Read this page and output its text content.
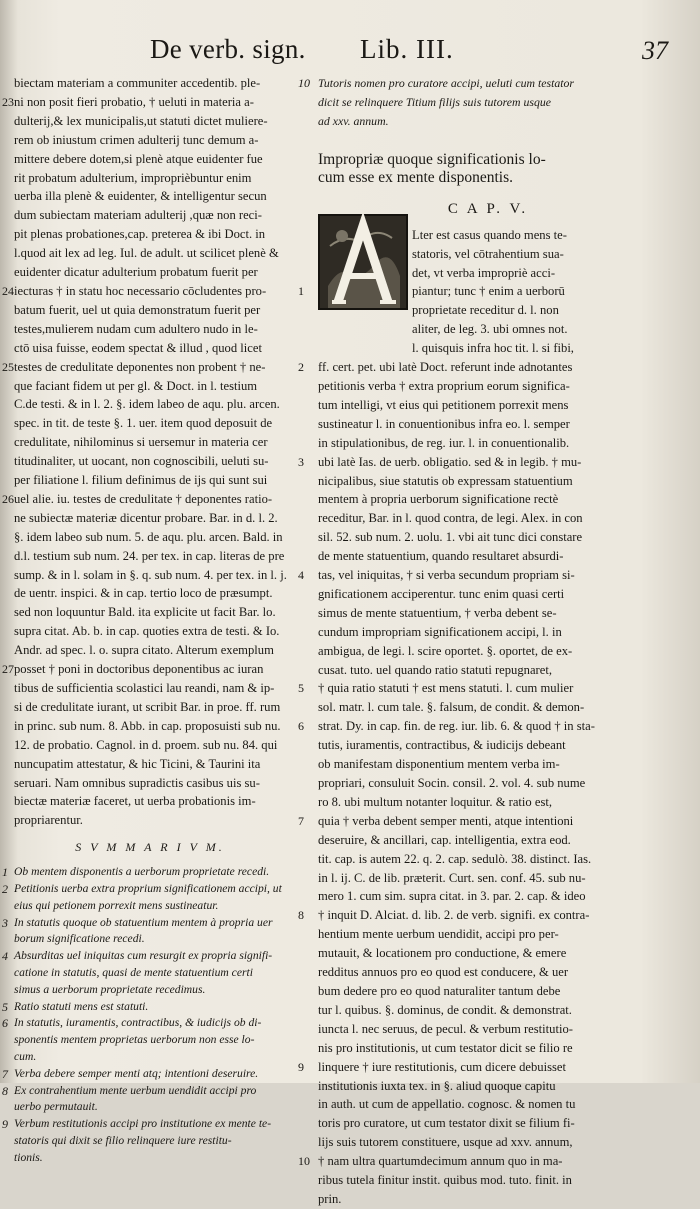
De verb. sign. Lib. III.	37
biectam materiam a communiter accedentib. ple-
23 ni non posit fieri probatio, † ueluti in materia a-
dulterij,& lex municipalis,ut statuti dictet muliere-
rem ob iniustum crimen adulterij tunc demum a-
mittere debere dotem,si plenè atque euidenter fue
rit probatum adulterium, improprièbuntur enim
uerba illa plenè & euidenter, & intelligentur secun
dum subiectam materiam adulterij ,quæ non reci-
pit plenas probationes,cap. preterea & ibi Doct. in
l.quod ait lex ad leg. Iul. de adult. ut scilicet plenè &
euidenter dicatur adulterium probatum fuerit per
24 iecturas † in statu hoc necessario cōcludentes pro-
batum fuerit, uel ut quia demonstratum fuerit per
testes,mulierem nudam cum adultero nudo in le-
ctō uisa fuisse, eodem spectat & illud , quod licet
25 testes de credulitate deponentes non probent † ne-
que faciant fidem ut per gl. & Doct. in l. testium
C.de testi. & in l. 2. §. idem labeo de aqu. plu. arcen.
spec. in tit. de teste §. 1. uer. item quod deposuit de
credulitate, nihilominus si uersemur in materia cer
titudinaliter, ut uocant, non cognoscibili, ueluti su-
per filiatione l. filium definimus de ijs qui sunt sui
26 uel alie. iu. testes de credulitate † deponentes ratio-
ne subiectæ materiæ dicentur probare. Bar. in d. l. 2.
§. idem labeo sub num. 5. de aqu. plu. arcen. Bald. in
d.l. testium sub num. 24. per tex. in cap. literas de pre
sump. & in l. solam in §. q. sub num. 4. per tex. in l. j.
de uentr. inspici. & in cap. tertio loco de præsumpt.
sed non loquuntur Bald. ita explicite ut facit Bar. lo.
supra citat. Ab. b. in cap. quoties extra de testi. & Io.
Andr. ad spec. l. o. supra citato. Alterum exemplum
27 posset † poni in doctoribus deponentibus ac iuran
tibus de sufficientia scolastici lau reandi, nam & ip-
si de credulitate iurant, ut scribit Bar. in proe. ff. rum
in princ. sub num. 8. Abb. in cap. proposuisti sub nu.
12. de probatio. Cagnol. in d. proem. sub nu. 84. qui
nuncupatim attestatur, & hic Ticini, & Taurini ita
seruari. Nam omnibus supradictis casibus uis su-
biectæ materiæ faceret, ut uerba probationis im-
propriarentur.
S V M M A R I V M.
1 Ob mentem disponentis a uerborum proprietate recedi.
2 Petitionis uerba extra proprium significationem accipi, ut
eius qui petionem porrexit mens sustineatur.
3 In statutis quoque ob statuentium mentem à propria uer
borum significatione recedi.
4 Absurditas uel iniquitas cum resurgit ex propria signifi-
catione in statutis, quasi de mente statuentium certi
simus a uerborum proprietate recedimus.
5 Ratio statuti mens est statuti.
6 In statutis, iuramentis, contractibus, & iudicijs ob di-
sponentis mentem proprietas uerborum non esse lo-
cum.
7 Verba debere semper menti atq; intentioni deseruire.
8 Ex contrahentium mente uerbum uendidit accipi pro
uerbo permutauit.
9 Verbum restitutionis accipi pro institutione ex mente te-
statoris qui dixit se filio relinquere iure restitu-
tionis.
10 Tutoris nomen pro curatore accipi, ueluti cum testator
dicit se relinquere Titium filijs suis tutorem usque
ad xxv. annum.
Impropriæ quoque significationis lo-
cum esse ex mente disponentis.
C A P. V.
Lter est casus quando mens te-
statoris, vel cōtrahentium sua-
det, vt verba impropriè acci-
1	piantur; tunc † enim a uerborū
proprietate receditur d. l. non
aliter, de leg. 3. ubi omnes not.
l. quisquis infra hoc tit. l. si fibi,
2	ff. cert. pet. ubi latè Doct. referunt inde adnotantes
petitionis verba † extra proprium eorum significa-
tum intelligi, vt eius qui petitionem porrexit mens
sustineatur l. in conuentionibus infra eo. l. semper
in stipulationibus, de reg. iur. l. in conuentionalib.
3	ubi latè Ias. de uerb. obligatio. sed & in legib. † mu-
nicipalibus, siue statutis ob expressam statuentium
mentem à propria uerborum significatione rectè
receditur, Bar. in l. quod contra, de legi. Alex. in con
sil. 52. sub num. 2. uolu. 1. vbi ait tunc dici constare
de mente statuentium, quando resultaret absurdi-
4	tas, vel iniquitas, † si verba secundum propriam si-
gnificationem acciperentur. tunc enim quasi certi
simus de mente statuentium, † verba debent se-
cundum impropriam significationem accipi, l. in
ambigua, de legi. l. scire oportet. §. oportet, de ex-
cusat. tuto. uel quando ratio statuti repugnaret,
5	† quia ratio statuti † est mens statuti. l. cum mulier
sol. matr. l. cum tale. §. falsum, de condit. & demon-
6	strat. Dy. in cap. fin. de reg. iur. lib. 6. & quod † in sta-
tutis, iuramentis, contractibus, & iudicijs debeant
ob manifestam disponentium mentem verba im-
propriari, consuluit Socin. consil. 2. vol. 4. sub nume
ro 8. ubi multum notanter loquitur. & ratio est,
7	quia † verba debent semper menti, atque intentioni
deseruire, & ancillari, cap. intelligentia, extra eod.
tit. cap. is autem 22. q. 2. cap. sedulò. 38. distinct. Ias.
in l. ij. C. de lib. præterit. Curt. sen. conf. 45. sub nu-
mero 1. cum sim. supra citat. in 3. par. 2. cap. & ideo
8	† inquit D. Alciat. d. lib. 2. de verb. signifi. ex contra-
hentium mente uerbum uendidit, accipi pro per-
mutauit, & locationem pro conductione, & emere
redditus annuos pro eo quod est conducere, & uer
bum dedere pro eo quod naturaliter tantum debe
tur l. quibus. §. dominus, de condit. & demonstrat.
iuncta l. nec seruus, de pecul. & verbum restitutio-
nis pro institutionis, ut cum testator dicit se filio re
9	linquere † iure restitutionis, cum dicere debuisset
institutionis iuxta tex. in §. aliud quoque capitu
in auth. ut cum de appellatio. cognosc. & nomen tu
toris pro curatore, ut cum testator dixit se filium fi-
lijs suis tutorem constituere, usque ad xxv. annum,
10 † nam ultra quartumdecimum annum quo in ma-
ribus tutela finitur instit. quibus mod. tuto. finit. in
prin.
